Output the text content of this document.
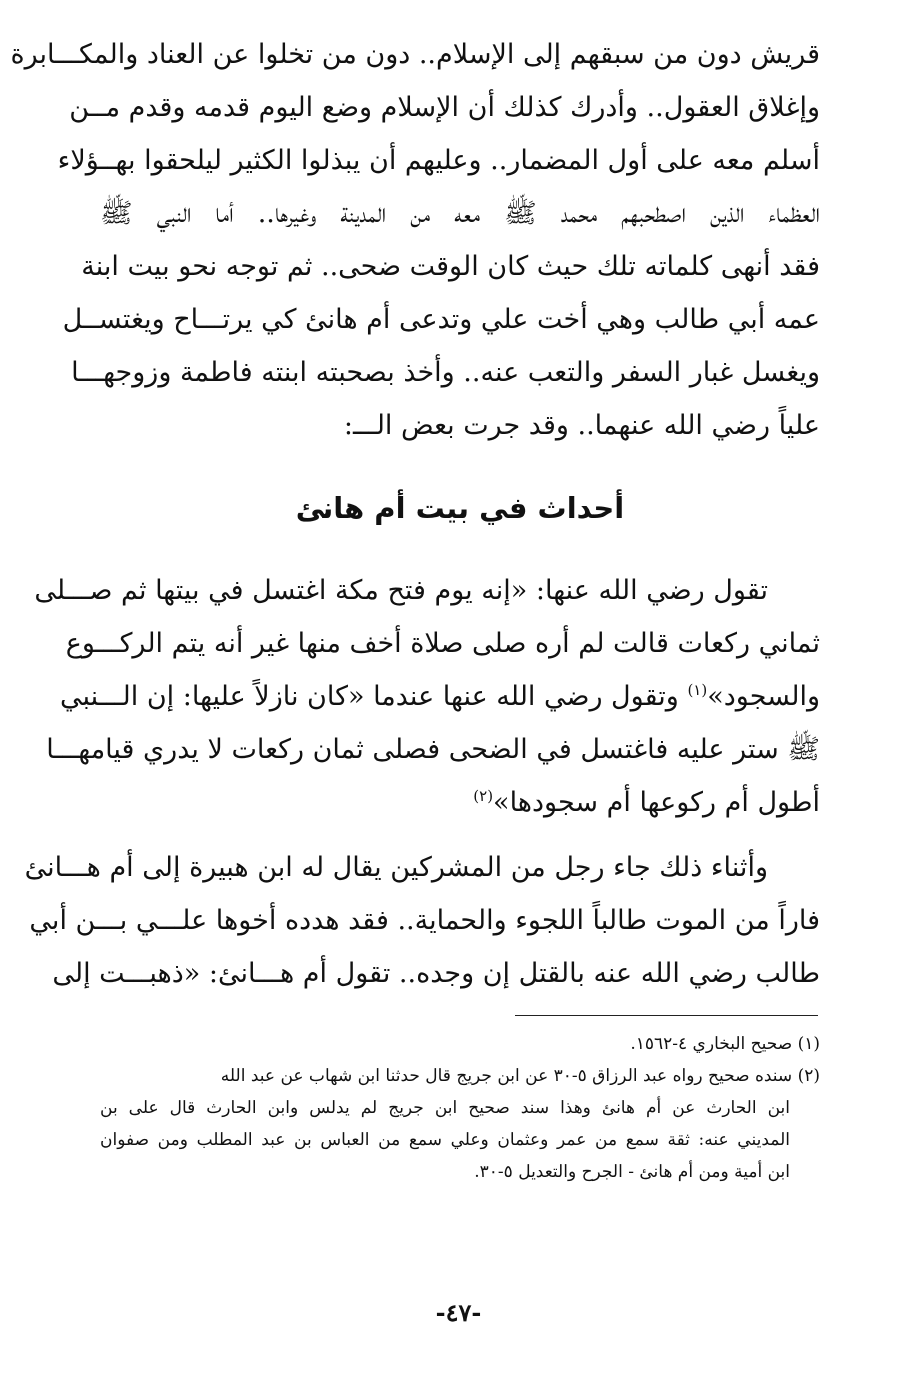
قريش دون من سبقهم إلى الإسلام.. دون من تخلوا عن العناد والمكـــابرة
وإغلاق العقول.. وأدرك كذلك أن الإسلام وضع اليوم قدمه وقدم مــن
أسلم معه على أول المضمار.. وعليهم أن يبذلوا الكثير ليلحقوا بهــؤلاء
العظماء الذين اصطحبهم محمد ﷺ معه من المدينة وغيرها.. أما النبي ﷺ
فقد أنهى كلماته تلك حيث كان الوقت ضحى.. ثم توجه نحو بيت ابنة
عمه أبي طالب وهي أخت علي وتدعى أم هانئ كي يرتـــاح ويغتســل
ويغسل غبار السفر والتعب عنه.. وأخذ بصحبته ابنته فاطمة وزوجهـــا
علياً رضي الله عنهما.. وقد جرت بعض الـــ:

أحداث في بيت أم هانئ

تقول رضي الله عنها: «إنه يوم فتح مكة اغتسل في بيتها ثم صـــلى
ثماني ركعات قالت لم أره صلى صلاة أخف منها غير أنه يتم الركـــوع
والسجود»$^{(١)}$ وتقول رضي الله عنها عندما «كان نازلاً عليها: إن الـــنبي
ﷺ ستر عليه فاغتسل في الضحى فصلى ثمان ركعات لا يدري قيامهـــا
أطول أم ركوعها أم سجودها»$^{(٢)}$

وأثناء ذلك جاء رجل من المشركين يقال له ابن هبيرة إلى أم هـــانئ
فاراً من الموت طالباً اللجوء والحماية.. فقد هدده أخوها علـــي بـــن أبي
طالب رضي الله عنه بالقتل إن وجده.. تقول أم هـــانئ: «ذهبـــت إلى

(١) صحيح البخاري ٤-١٥٦٢.

(٢) سنده صحيح رواه عبد الرزاق ٥-٣٠ عن ابن جريج قال حدثنا ابن شهاب عن عبد الله
ابن الحارث عن أم هانئ وهذا سند صحيح ابن جريج لم يدلس وابن الحارث قال على بن
المديني عنه: ثقة سمع من عمر وعثمان وعلي سمع من العباس بن عبد المطلب ومن صفوان
ابن أمية ومن أم هانئ - الجرح والتعديل ٥-٣٠.

-٤٧-
